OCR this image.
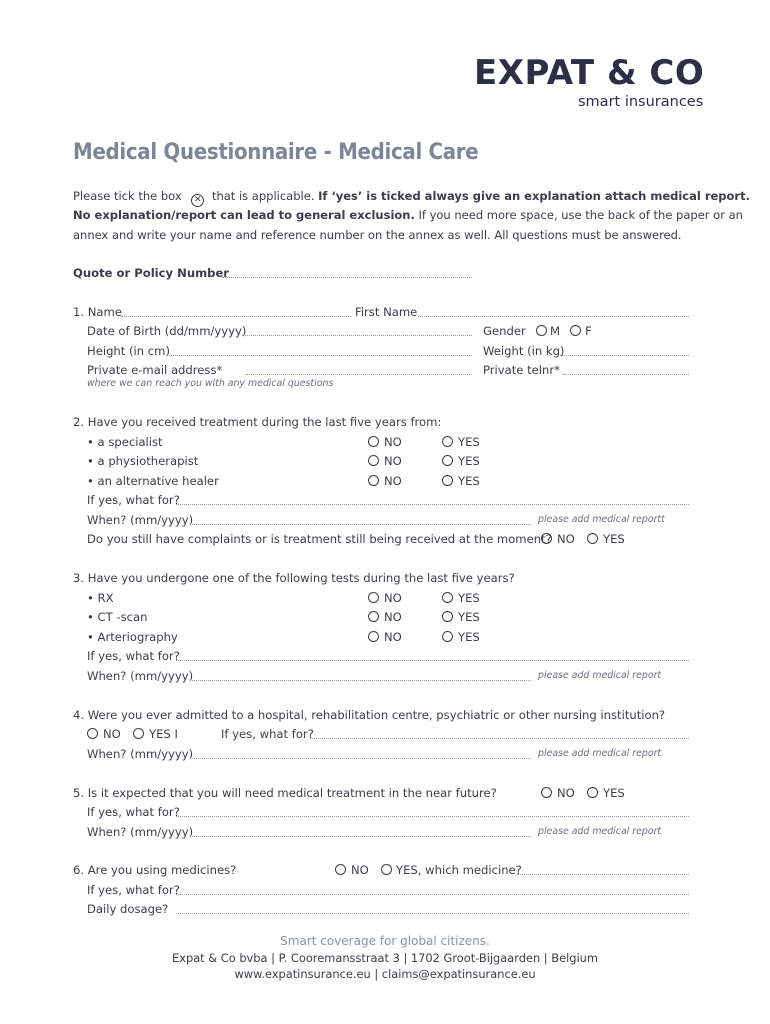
EXPAT & CO
smart insurances
Medical Questionnaire - Medical Care
Please tick the box ✕ that is applicable. If ‘yes’ is ticked always give an explanation attach medical report.
No explanation/report can lead to general exclusion. If you need more space, use the back of the paper or an
annex and write your name and reference number on the annex as well. All questions must be answered.
Quote or Policy Number
1. Name	First Name
Date of Birth (dd/mm/yyyy)	Gender M F
Height (in cm)	Weight (in kg)
Private e-mail address*	Private telnr*
where we can reach you with any medical questions
2. Have you received treatment during the last five years from:
• a specialist	NO	YES
• a physiotherapist	NO	YES
• an alternative healer	NO	YES
If yes, what for?
When? (mm/yyyy)	please add medical reportt
Do you still have complaints or is treatment still being received at the moment? NO YES
3. Have you undergone one of the following tests during the last five years?
• RX	NO	YES
• CT -scan	NO	YES
• Arteriography	NO	YES
If yes, what for?
When? (mm/yyyy)	please add medical report
4. Were you ever admitted to a hospital, rehabilitation centre, psychiatric or other nursing institution?
NO YES I	If yes, what for?
When? (mm/yyyy)	please add medical report
5. Is it expected that you will need medical treatment in the near future?	NO YES
If yes, what for?
When? (mm/yyyy)	please add medical report
6. Are you using medicines?	NO YES, which medicine?
If yes, what for?
Daily dosage?
Smart coverage for global citizens.
Expat & Co bvba | P. Cooremansstraat 3 | 1702 Groot-Bijgaarden | Belgium
www.expatinsurance.eu | claims@expatinsurance.eu
